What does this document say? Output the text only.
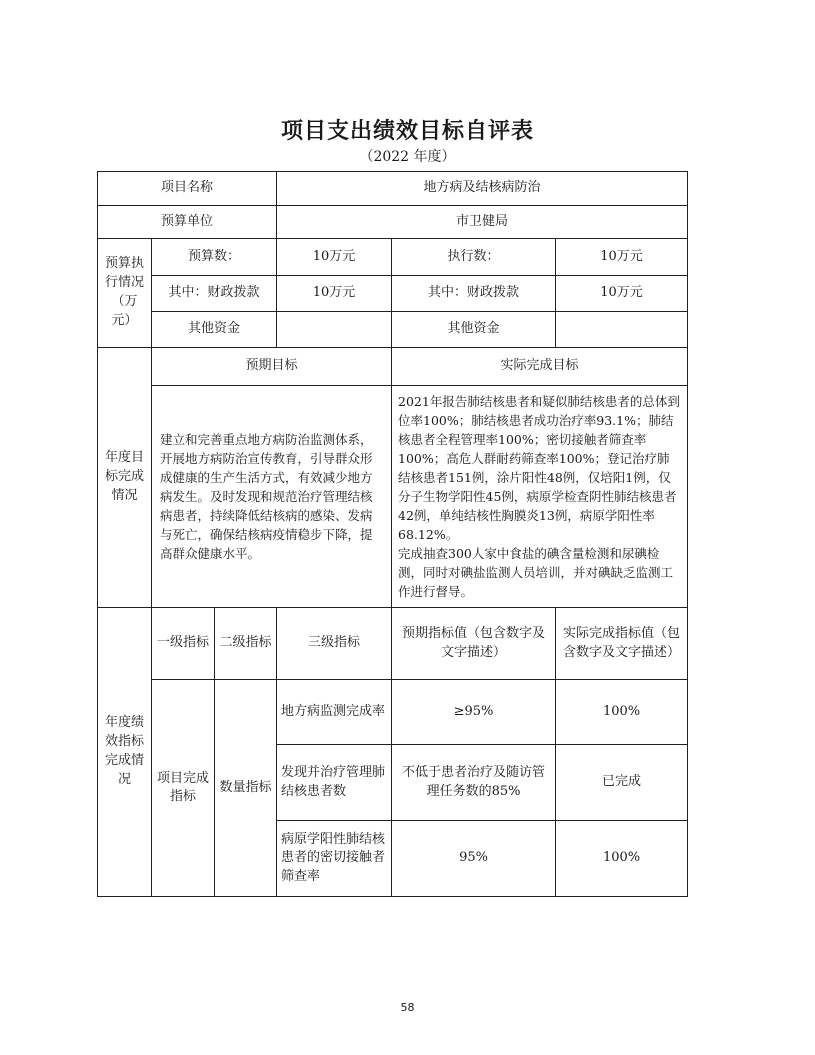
项目支出绩效目标自评表
（2022 年度）
项目名称			地方病及结核病防治		
预算单位			市卫健局		
预算执行情况（万元）	预算数：		10万元	执行数：	10万元
	其中：财政拨款		10万元	其中：财政拨款	10万元
	其他资金			其他资金	
年度目标完成情况	预期目标			实际完成目标	
	建立和完善重点地方病防治监测体系，开展地方病防治宣传教育，引导群众形成健康的生产生活方式，有效减少地方病发生。及时发现和规范治疗管理结核病患者，持续降低结核病的感染、发病与死亡，确保结核病疫情稳步下降，提高群众健康水平。			2021年报告肺结核患者和疑似肺结核患者的总体到位率100%；肺结核患者成功治疗率93.1%；肺结核患者全程管理率100%；密切接触者筛查率100%；高危人群耐药筛查率100%；登记治疗肺结核患者151例，涂片阳性48例，仅培阳1例，仅分子生物学阳性45例，病原学检查阴性肺结核患者42例，单纯结核性胸膜炎13例，病原学阳性率68.12%。
完成抽查300人家中食盐的碘含量检测和尿碘检测，同时对碘盐监测人员培训，并对碘缺乏监测工作进行督导。	

年度绩效指标完成情况	一级指标	二级指标	三级指标	预期指标值（包含数字及文字描述）	实际完成指标值（包含数字及文字描述）
	项目完成指标	数量指标	地方病监测完成率	≥95%	100%
			发现并治疗管理肺结核患者数	不低于患者治疗及随访管理任务数的85%	已完成
			病原学阳性肺结核患者的密切接触者筛查率	95%	100%
58
